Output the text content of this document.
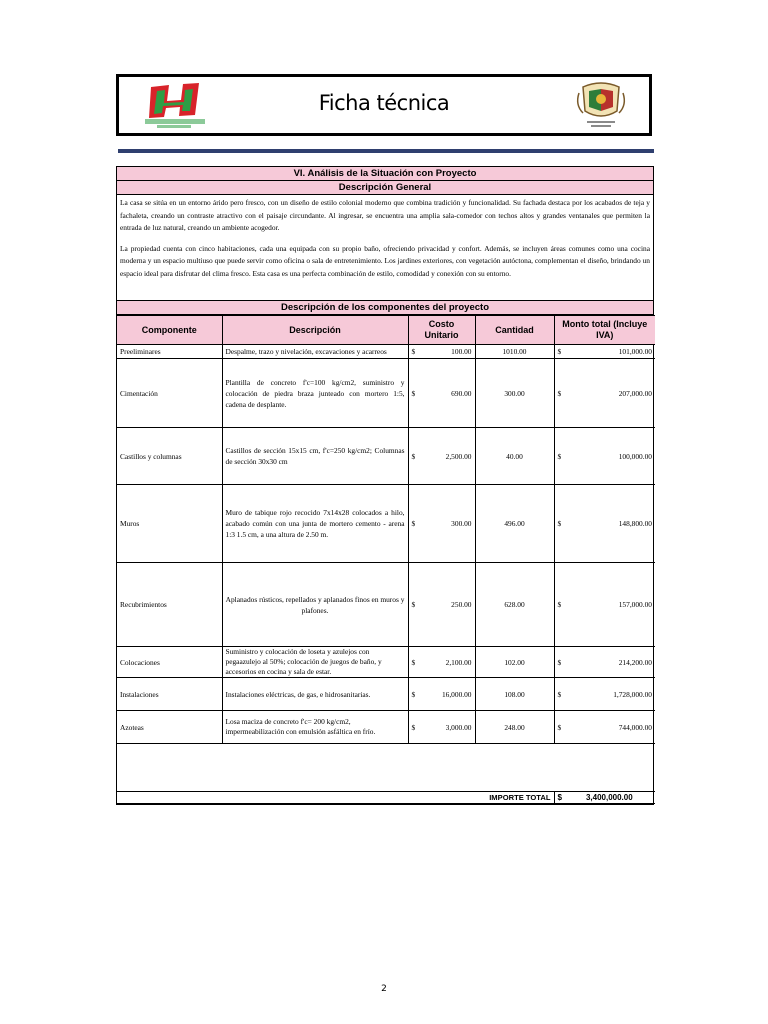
Ficha técnica
VI. Análisis de la Situación con Proyecto
Descripción General

La casa se sitúa en un entorno árido pero fresco, con un diseño de estilo colonial moderno que combina tradición y funcionalidad. Su fachada destaca por los acabados de teja y fachaleta, creando un contraste atractivo con el paisaje circundante. Al ingresar, se encuentra una amplia sala-comedor con techos altos y grandes ventanales que permiten la entrada de luz natural, creando un ambiente acogedor.

La propiedad cuenta con cinco habitaciones, cada una equipada con su propio baño, ofreciendo privacidad y confort. Además, se incluyen áreas comunes como una cocina moderna y un espacio multiuso que puede servir como oficina o sala de entretenimiento. Los jardines exteriores, con vegetación autóctona, complementan el diseño, brindando un espacio ideal para disfrutar del clima fresco. Esta casa es una perfecta combinación de estilo, comodidad y conexión con su entorno.

Descripción de los componentes del proyecto
Componente	Descripción	Costo Unitario	Cantidad	Monto total (Incluye IVA)
Preeliminares	Despalme, trazo y nivelación, excavaciones y acarreos	$ 100.00	1010.00	$ 101,000.00

Cimentación	Plantilla de concreto f'c=100 kg/cm2, suministro y colocación de piedra braza junteado con mortero 1:5, cadena de desplante.	$ 690.00	300.00	$ 207,000.00

Castillos y columnas	Castillos de sección 15x15 cm, f'c=250 kg/cm2; Columnas de sección 30x30 cm	$ 2,500.00	40.00	$ 100,000.00

Muros	Muro de tabique rojo recocido 7x14x28 colocados a hilo, acabado común con una junta de mortero cemento - arena 1:3 1.5 cm, a una altura de 2.50 m.	$ 300.00	496.00	$ 148,800.00

Recubrimientos	Aplanados rústicos, repellados y aplanados finos en muros y plafones.	$ 250.00	628.00	$ 157,000.00

Colocaciones	Suministro y colocación de loseta y azulejos con pegaazulejo al 50%; colocación de juegos de baño, y accesorios en cocina y sala de estar.	$ 2,100.00	102.00	$ 214,200.00

Instalaciones	Instalaciones eléctricas, de gas, e hidrosanitarias.	$ 16,000.00	108.00	$ 1,728,000.00

Azoteas	Losa maciza de concreto f'c= 200 kg/cm2, impermeabilización con emulsión asfáltica en frío.	$ 3,000.00	248.00	$ 744,000.00

IMPORTE TOTAL				$ 3,400,000.00
2
